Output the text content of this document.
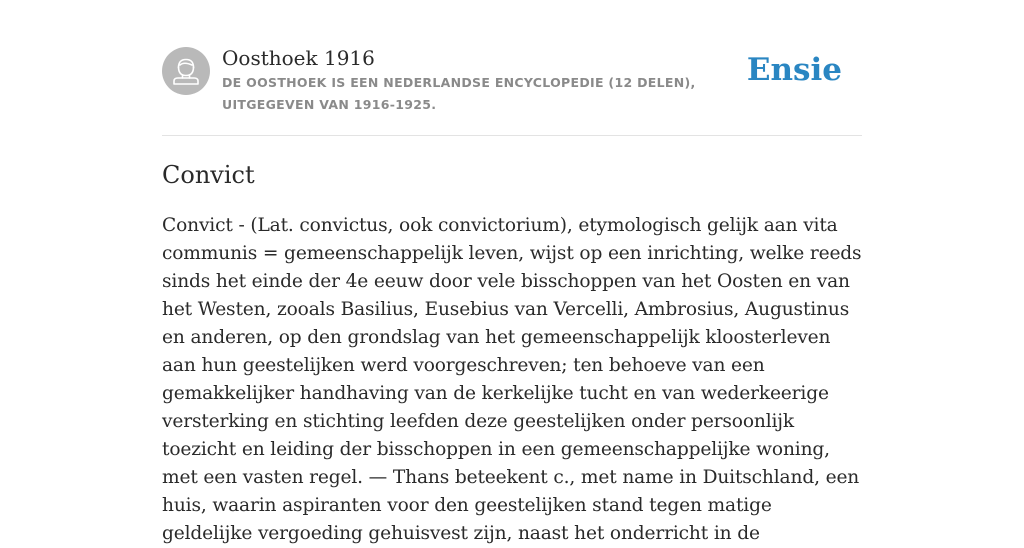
Oosthoek 1916
DE OOSTHOEK IS EEN NEDERLANDSE ENCYCLOPEDIE (12 DELEN), UITGEGEVEN VAN 1916-1925.
Ensie
Convict

Convict - (Lat. convictus, ook convictorium), etymologisch gelijk aan vita communis = gemeenschappelijk leven, wijst op een inrichting, welke reeds sinds het einde der 4e eeuw door vele bisschoppen van het Oosten en van het Westen, zooals Basilius, Eusebius van Vercelli, Ambrosius, Augustinus en anderen, op den grondslag van het gemeenschappelijk kloosterleven aan hun geestelijken werd voorgeschreven; ten behoeve van een gemakkelijker handhaving van de kerkelijke tucht en van wederkeerige versterking en stichting leefden deze geestelijken onder persoonlijk toezicht en leiding der bisschoppen in een gemeenschappelijke woning, met een vasten regel. — Thans beteekent c., met name in Duitschland, een huis, waarin aspiranten voor den geestelijken stand tegen matige geldelijke vergoeding gehuisvest zijn, naast het onderricht in de
